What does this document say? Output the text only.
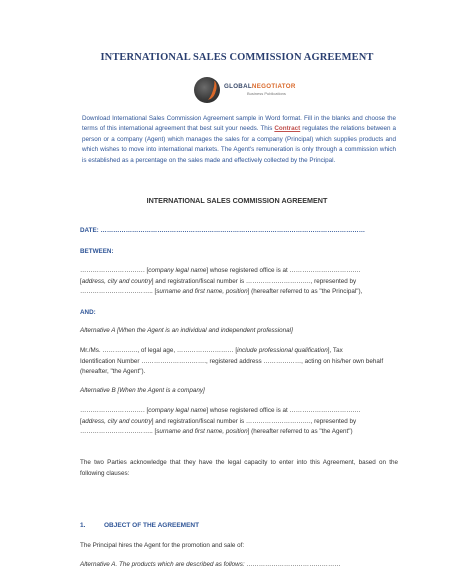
INTERNATIONAL SALES COMMISSION AGREEMENT
GLOBALNEGOTIATOR
Business Publications
Download International Sales Commission Agreement sample in Word format. Fill in the blanks and choose the terms of this international agreement that best suit your needs. This Contract regulates the relations between a person or a company (Agent) which manages the sales for a company (Principal) which supplies products and which wishes to move into international markets. The Agent's remuneration is only through a commission which is established as a percentage on the sales made and effectively collected by the Principal.
INTERNATIONAL SALES COMMISSION AGREEMENT
DATE: ………………………………………………………………………………………………………………
BETWEEN:
…………………………. [company legal name] whose registered office is at …………………………….
[address, city and country] and registration/fiscal number is …………………………., represented by
…………………………….. [surname and first name, position] (hereafter referred to as "the Principal"),
AND:
Alternative A [When the Agent is an individual and independent professional]
Mr./Ms. …………….., of legal age, ……………………… [include professional qualification], Tax
Identification Number …………………………., registered address ………………, acting on his/her own behalf
(hereafter, "the Agent").
Alternative B [When the Agent is a company]
…………………………. [company legal name] whose registered office is at …………………………….
[address, city and country] and registration/fiscal number is …………………………., represented by
…………………………….. [surname and first name, position] (hereafter referred to as "the Agent")
The two Parties acknowledge that they have the legal capacity to enter into this Agreement, based on the following clauses:
1.	OBJECT OF THE AGREEMENT
The Principal hires the Agent for the promotion and sale of:
Alternative A. The products which are described as follows: ………………………………………
